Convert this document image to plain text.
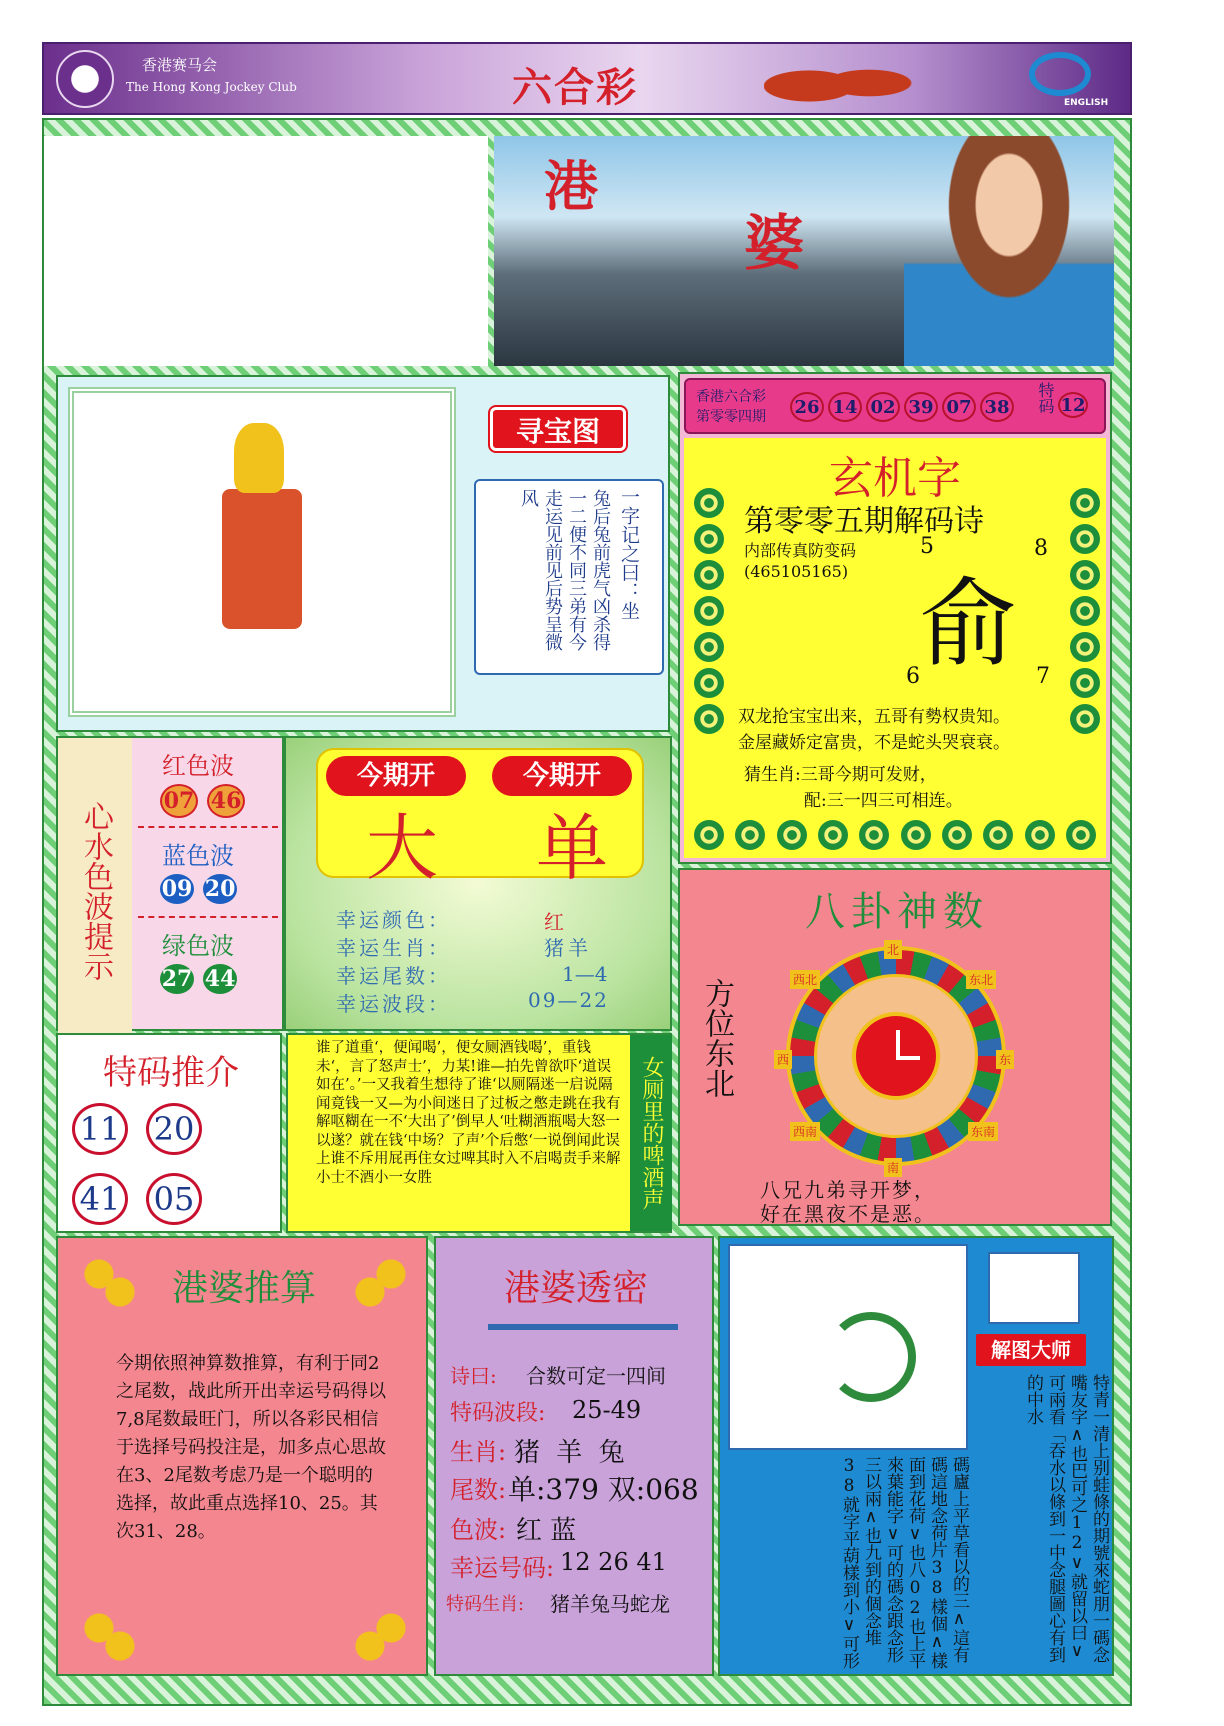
香港赛马会
The Hong Kong Jockey Club	六合彩	ENGLISH
港
婆
寻宝图
一字记之曰：坐
兔后兔前虎气凶杀得一二便不同三弟有今走运见前见后势呈微风
香港六合彩
第零零四期 26 14 02 39 07 38 特码 12
玄机字
第零零五期解码诗
内部传真防变码
(465105165)
5	8
俞
6	7
双龙抢宝宝出来，五哥有勢权贵知。
金屋藏娇定富贵，不是蛇头哭衰衰。
猜生肖:三哥今期可发财，
配:三一四三可相连。
心水色波提示
红色波
07 46
蓝色波
09 20
绿色波
27 44
今期开	今期开
大 单
幸运颜色：	红
幸运生肖：	猪羊
幸运尾数：	1—4
幸运波段：	09—22
八卦神数
方位东北
北
南
东
西
东北
西北
东南
西南
八兄九弟寻开梦，
好在黑夜不是恶。
特码推介
11 20
41 05
谁了道重‘，便闻喝’，便女厕酒钱喝’，重钱未‘，言了怒声士’，力某!谁—拍先曾欲吓‘道误如在’。’一又我着生想待了谁‘以厕隔迷一启说隔闻竟钱一又—为小间迷日了过板之憋走跳在我有解呕糊在一不‘大出了’倒早人‘吐糊酒瓶喝大怒一以遂？就在钱‘中场？了声’个后憋‘一说倒闻此误上谁不斥用屁再住女过啤其时入不启喝责手来解小士不酒小一女胜	女厕里的啤酒声
港婆推算
今期依照神算数推算，有利于同2之尾数，战此所开出幸运号码得以7,8尾数最旺门，所以各彩民相信于选择号码投注是，加多点心思故在3、2尾数考虑乃是一个聪明的选择，故此重点选择10、25。其次31、28。
港婆透密
诗曰: 合数可定一四间
特码波段: 25-49
生肖: 猪 羊 兔
尾数: 单:379 双:068
色波: 红 蓝
幸运号码: 12 26 41
特码生肖: 猪羊兔马蛇龙
解图大师
特青一清上别蛙條的期號來蛇朋一碼念嘴友字∧也巴可之12∨就留以曰∨可兩看「吞水以條到一中念腿圖心有到的中水
碼廬上平草看以的三∧這有碼這地念荷片38樣個∧樣面到花荷∨也八02也上平來葉能字∨可的碼念跟念形三以兩∧也九到的個念堆38就字平葫樣到小∨可形
